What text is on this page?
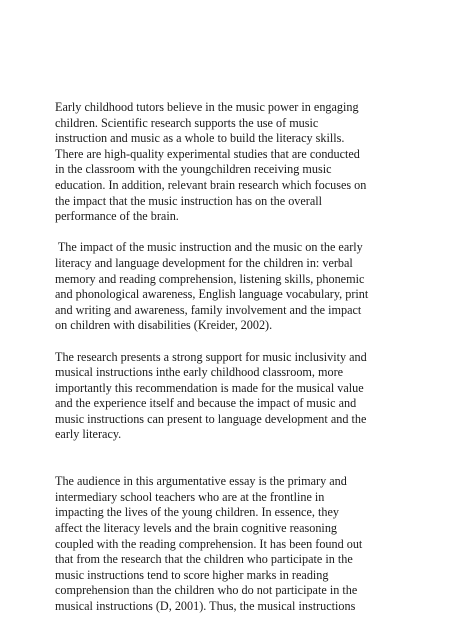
Early childhood tutors believe in the music power in engaging
children. Scientific research supports the use of music
instruction and music as a whole to build the literacy skills.
There are high-quality experimental studies that are conducted
in the classroom with the youngchildren receiving music
education. In addition, relevant brain research which focuses on
the impact that the music instruction has on the overall
performance of the brain.
The impact of the music instruction and the music on the early
literacy and language development for the children in: verbal
memory and reading comprehension, listening skills, phonemic
and phonological awareness, English language vocabulary, print
and writing and awareness, family involvement and the impact
on children with disabilities (Kreider, 2002).
The research presents a strong support for music inclusivity and
musical instructions inthe early childhood classroom, more
importantly this recommendation is made for the musical value
and the experience itself and because the impact of music and
music instructions can present to language development and the
early literacy.
The audience in this argumentative essay is the primary and
intermediary school teachers who are at the frontline in
impacting the lives of the young children. In essence, they
affect the literacy levels and the brain cognitive reasoning
coupled with the reading comprehension. It has been found out
that from the research that the children who participate in the
music instructions tend to score higher marks in reading
comprehension than the children who do not participate in the
musical instructions (D, 2001). Thus, the musical instructions
